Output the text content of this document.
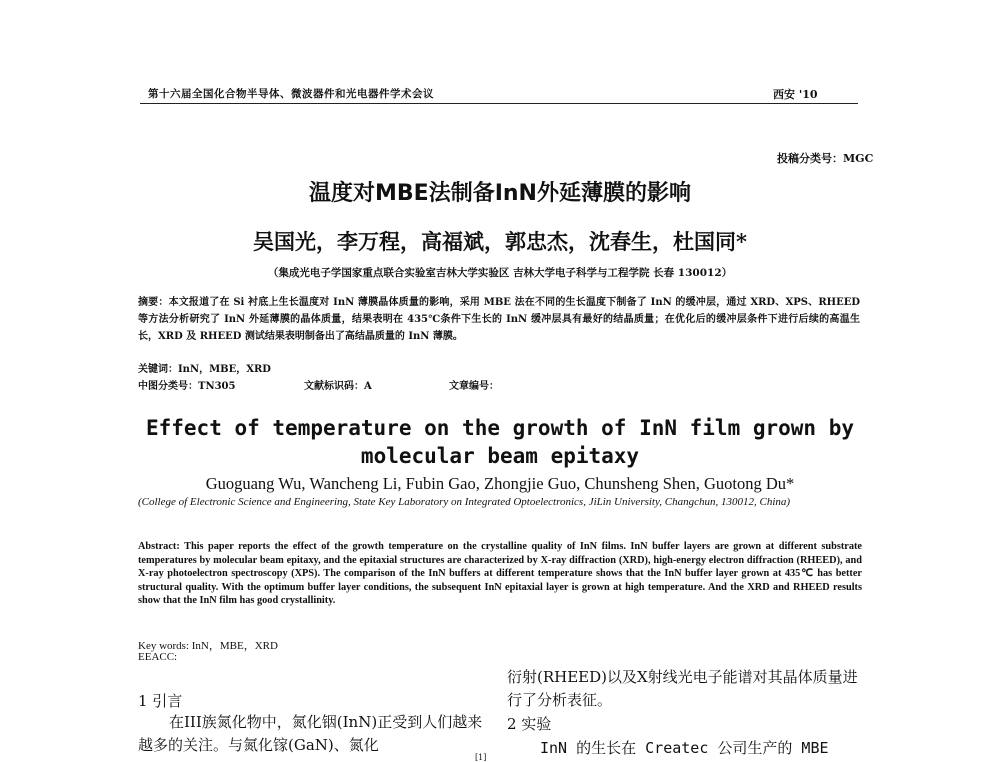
第十六届全国化合物半导体、微波器件和光电器件学术会议	西安 '10
投稿分类号：MGC
温度对MBE法制备InN外延薄膜的影响
吴国光，李万程，高福斌，郭忠杰，沈春生，杜国同*
（集成光电子学国家重点联合实验室吉林大学实验区 吉林大学电子科学与工程学院 长春 130012）
摘要：本文报道了在 Si 衬底上生长温度对 InN 薄膜晶体质量的影响，采用 MBE 法在不同的生长温度下制备了 InN 的缓冲层，通过 XRD、XPS、RHEED 等方法分析研究了 InN 外延薄膜的晶体质量，结果表明在 435℃条件下生长的 InN 缓冲层具有最好的结晶质量；在优化后的缓冲层条件下进行后续的高温生长，XRD 及 RHEED 测试结果表明制备出了高结晶质量的 InN 薄膜。
关键词：InN，MBE，XRD
中图分类号：TN305	文献标识码：A	文章编号：
Effect of temperature on the growth of InN film grown by
molecular beam epitaxy
Guoguang Wu, Wancheng Li, Fubin Gao, Zhongjie Guo, Chunsheng Shen, Guotong Du*
(College of Electronic Science and Engineering, State Key Laboratory on Integrated Optoelectronics, JiLin University, Changchun, 130012, China)
Abstract: This paper reports the effect of the growth temperature on the crystalline quality of InN films. InN buffer layers are grown at different substrate temperatures by molecular beam epitaxy, and the epitaxial structures are characterized by X-ray diffraction (XRD), high-energy electron diffraction (RHEED), and X-ray photoelectron spectroscopy (XPS). The comparison of the InN buffers at different temperature shows that the InN buffer layer grown at 435℃ has better structural quality. With the optimum buffer layer conditions, the subsequent InN epitaxial layer is grown at high temperature. And the XRD and RHEED results show that the InN film has good crystallinity.
Key words: InN，MBE，XRD
EEACC:
1 引言
在III族氮化物中，氮化铟(InN)正受到人们越来越多的关注。与氮化镓(GaN)、氮化
[1]
衍射(RHEED)以及X射线光电子能谱对其晶体质量进行了分析表征。
2 实验
InN 的生长在 Createc 公司生产的 MBE
